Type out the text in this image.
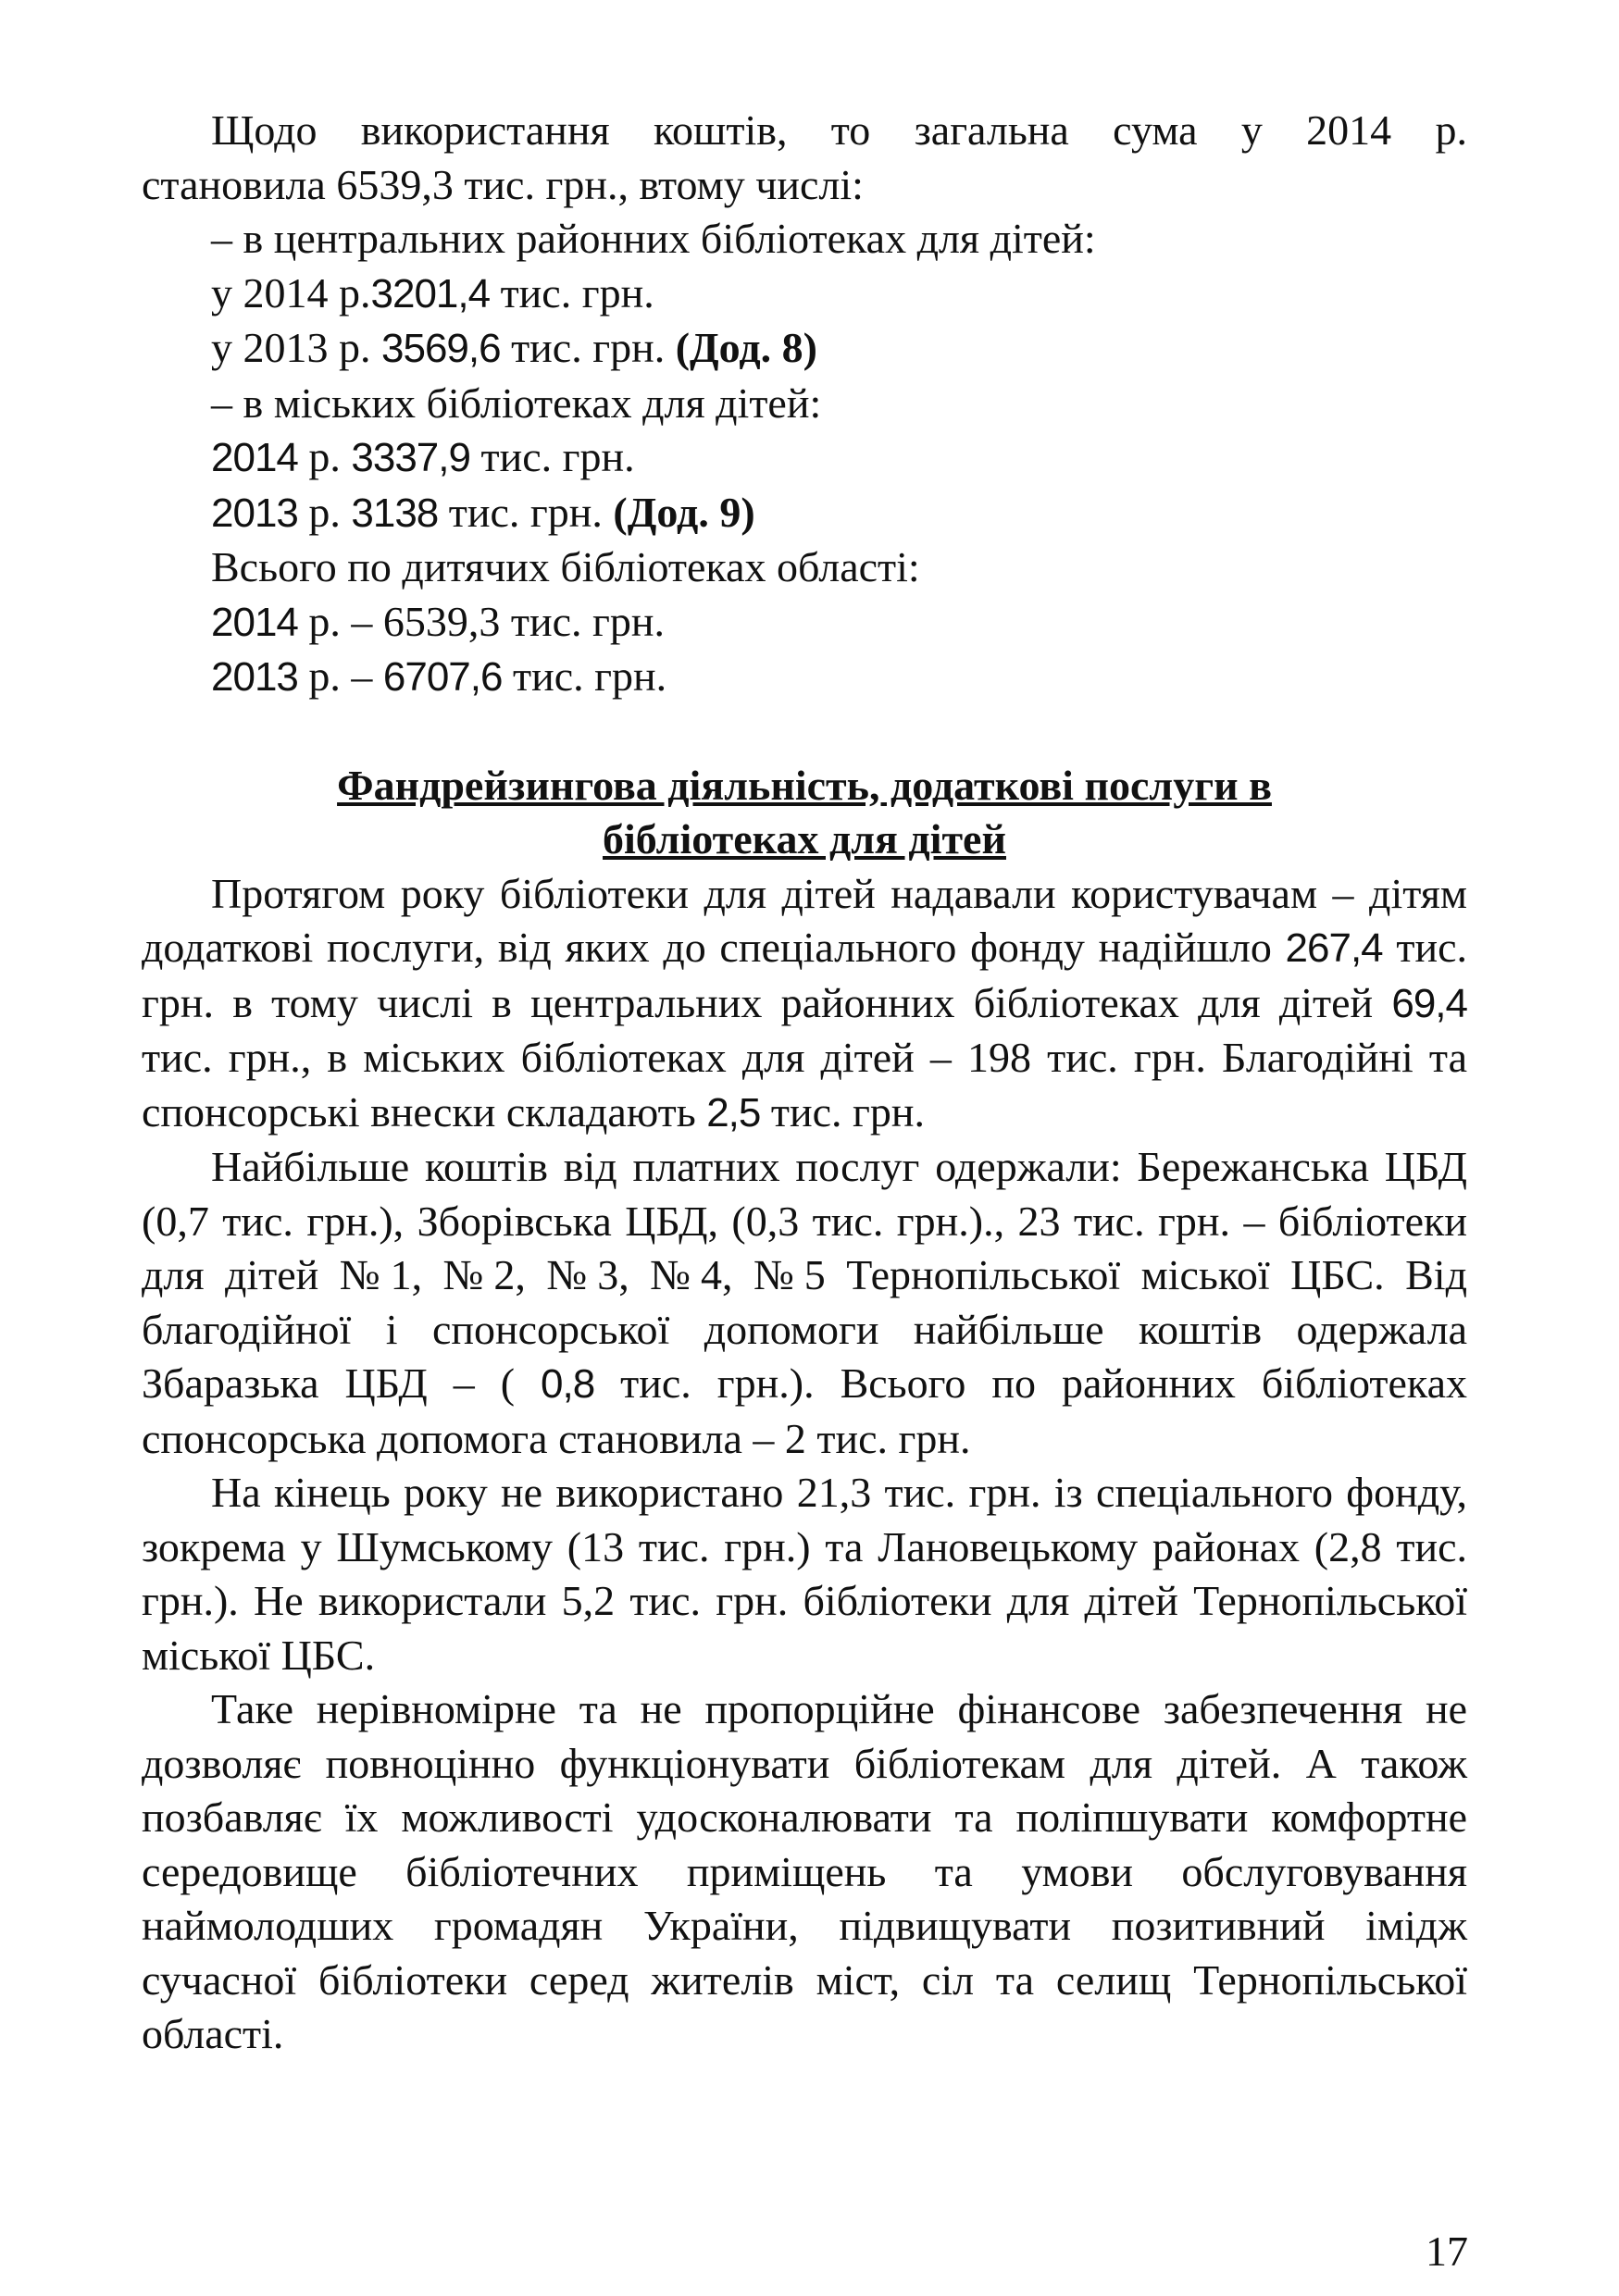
Щодо використання коштів, то загальна сума у 2014 р.
становила 6539,3 тис. грн., втому числі:
– в центральних районних бібліотеках для дітей:
у 2014 р.3201,4 тис. грн.
у 2013 р. 3569,6 тис. грн. (Дод. 8)
– в міських бібліотеках для дітей:
2014 р. 3337,9 тис. грн.
2013 р. 3138 тис. грн. (Дод. 9)
Всього по дитячих бібліотеках області:
2014 р. – 6539,3 тис. грн.
2013 р. – 6707,6 тис. грн.
Фандрейзингова діяльність, додаткові послуги в
бібліотеках для дітей

Протягом року бібліотеки для дітей надавали користувачам – дітям додаткові послуги, від яких до спеціального фонду надійшло 267,4 тис. грн. в тому числі в центральних районних бібліотеках для дітей 69,4 тис. грн., в міських бібліотеках для дітей – 198 тис. грн. Благодійні та спонсорські внески складають 2,5 тис. грн.

Найбільше коштів від платних послуг одержали: Бережанська ЦБД (0,7 тис. грн.), Зборівська ЦБД, (0,3 тис. грн.)., 23 тис. грн. – бібліотеки для дітей №1, №2, №3, №4, №5 Тернопільської міської ЦБС. Від благодійної і спонсорської допомоги найбільше коштів одержала Збаразька ЦБД – ( 0,8 тис. грн.). Всього по районних бібліотеках спонсорська допомога становила – 2 тис. грн.

На кінець року не використано 21,3 тис. грн. із спеціального фонду, зокрема у Шумському (13 тис. грн.) та Лановецькому районах (2,8 тис. грн.). Не використали 5,2 тис. грн. бібліотеки для дітей Тернопільської міської ЦБС.

Таке нерівномірне та не пропорційне фінансове забезпечення не дозволяє повноцінно функціонувати бібліотекам для дітей. А також позбавляє їх можливості удосконалювати та поліпшувати комфортне середовище бібліотечних приміщень та умови обслуговування наймолодших громадян України, підвищувати позитивний імідж сучасної бібліотеки серед жителів міст, сіл та селищ Тернопільської області.

17
